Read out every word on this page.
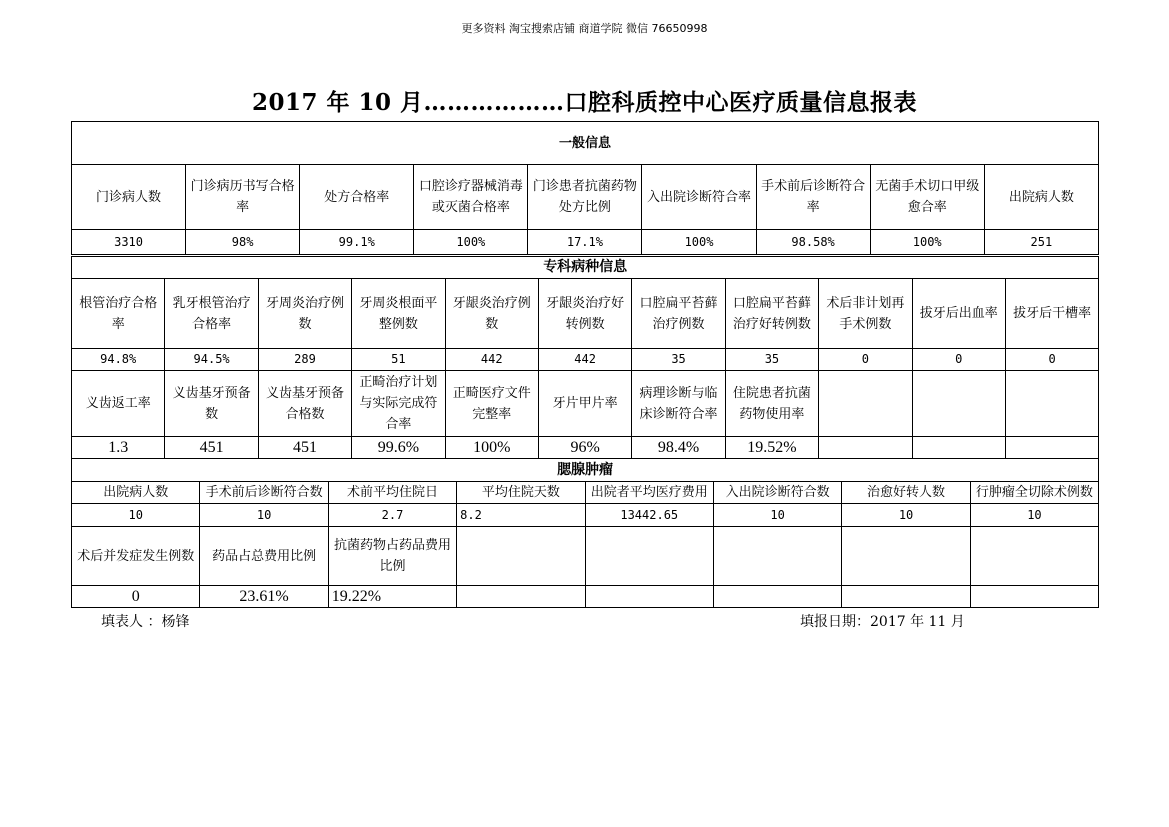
更多资料 淘宝搜索店铺 商道学院 微信 76650998
2017 年 10 月………………口腔科质控中心医疗质量信息报表
一般信息								
门诊病人数	门诊病历书写合格率	处方合格率	口腔诊疗器械消毒或灭菌合格率	门诊患者抗菌药物处方比例	入出院诊断符合率	手术前后诊断符合率	无菌手术切口甲级愈合率	出院病人数
3310	98%	99.1%	100%	17.1%	100%	98.58%	100%	251
专科病种信息										
根管治疗合格率	乳牙根管治疗合格率	牙周炎治疗例数	牙周炎根面平整例数	牙龈炎治疗例数	牙龈炎治疗好转例数	口腔扁平苔藓治疗例数	口腔扁平苔藓治疗好转例数	术后非计划再手术例数	拔牙后出血率	拔牙后干槽率
94.8%	94.5%	289	51	442	442	35	35	0	0	0
义齿返工率	义齿基牙预备数	义齿基牙预备合格数	正畸治疗计划与实际完成符合率	正畸医疗文件完整率	牙片甲片率	病理诊断与临床诊断符合率	住院患者抗菌药物使用率			
1.3	451	451	99.6%	100%	96%	98.4%	19.52%			
腮腺肿瘤							
出院病人数	手术前后诊断符合数	术前平均住院日	平均住院天数	出院者平均医疗费用	入出院诊断符合数	治愈好转人数	行肿瘤全切除术例数
10	10	2.7	8.2	13442.65	10	10	10
术后并发症发生例数	药品占总费用比例	抗菌药物占药品费用比例					
0	23.61%	19.22%					
填表人 ：杨锋	填报日期：2017 年 11 月
